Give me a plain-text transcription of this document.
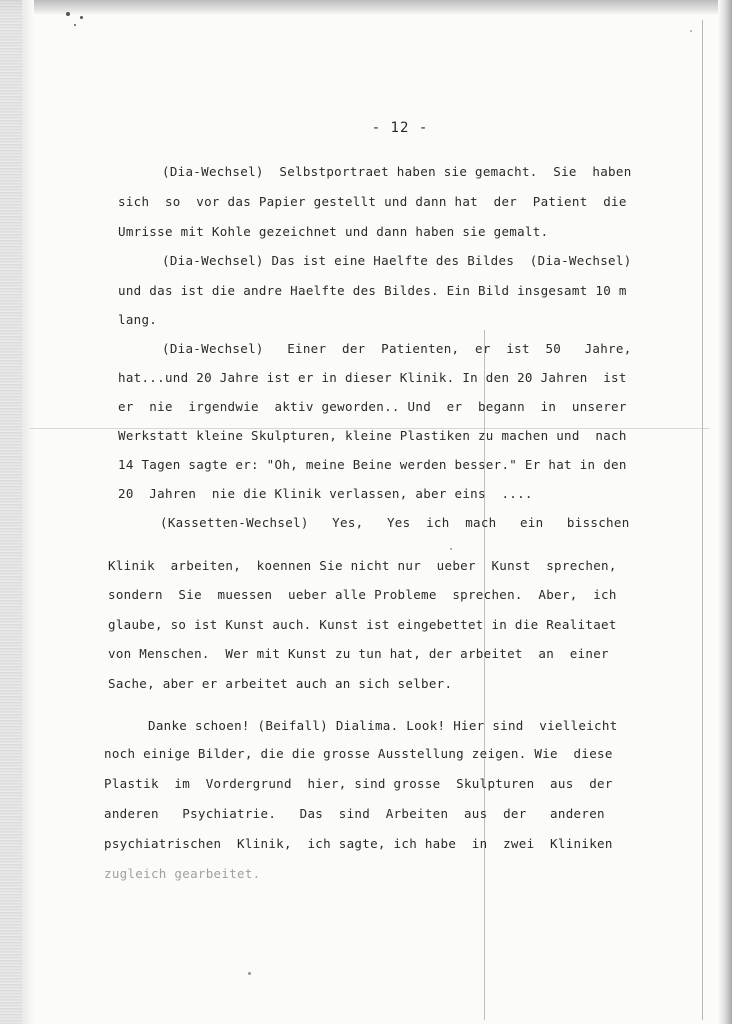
- 12 -
(Dia-Wechsel)  Selbstportraet haben sie gemacht.  Sie  haben
sich  so  vor das Papier gestellt und dann hat  der  Patient  die
Umrisse mit Kohle gezeichnet und dann haben sie gemalt.
(Dia-Wechsel) Das ist eine Haelfte des Bildes  (Dia-Wechsel)
und das ist die andre Haelfte des Bildes. Ein Bild insgesamt 10 m
lang.
(Dia-Wechsel)   Einer  der  Patienten,  er  ist  50   Jahre,
hat...und 20 Jahre ist er in dieser Klinik. In den 20 Jahren  ist
er  nie  irgendwie  aktiv geworden.. Und  er  begann  in  unserer
Werkstatt kleine Skulpturen, kleine Plastiken zu machen und  nach
14 Tagen sagte er: "Oh, meine Beine werden besser." Er hat in den
20  Jahren  nie die Klinik verlassen, aber eins  ....
(Kassetten-Wechsel)   Yes,   Yes  ich  mach   ein   bisschen
Klinik  arbeiten,  koennen Sie nicht nur  ueber  Kunst  sprechen,
sondern  Sie  muessen  ueber alle Probleme  sprechen.  Aber,  ich
glaube, so ist Kunst auch. Kunst ist eingebettet in die Realitaet
von Menschen.  Wer mit Kunst zu tun hat, der arbeitet  an  einer
Sache, aber er arbeitet auch an sich selber.
Danke schoen! (Beifall) Dialima. Look! Hier sind  vielleicht
noch einige Bilder, die die grosse Ausstellung zeigen. Wie  diese
Plastik  im  Vordergrund  hier, sind grosse  Skulpturen  aus  der
anderen   Psychiatrie.   Das  sind  Arbeiten  aus  der   anderen
psychiatrischen  Klinik,  ich sagte, ich habe  in  zwei  Kliniken
zugleich gearbeitet.
